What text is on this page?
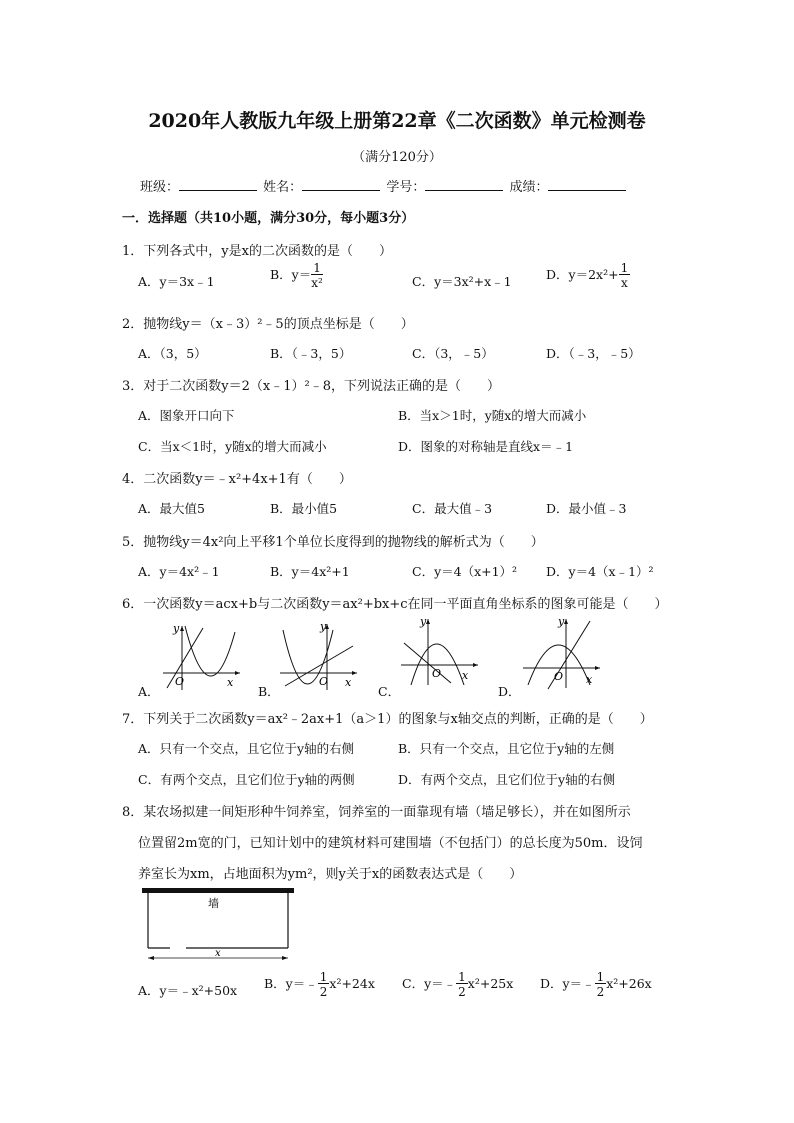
2020年人教版九年级上册第22章《二次函数》单元检测卷
（满分120分）
班级：	姓名：	学号：	成绩：
一．选择题（共10小题，满分30分，每小题3分）
1．下列各式中，y是x的二次函数的是（　　）
A．y＝3x﹣1	B．$y= \frac{1}{\text{x²}}$	C．y＝3x²+x﹣1	D．$y=2x^2+ \frac{1}{x}$
2．抛物线y＝（x﹣3）²﹣5的顶点坐标是（　　）
A．（3，5）	B．（﹣3，5）	C．（3，﹣5）	D．（﹣3，﹣5）
3．对于二次函数y＝2（x﹣1）²﹣8，下列说法正确的是（　　）
A．图象开口向下	B．当x＞1时，y随x的增大而减小
C．当x＜1时，y随x的增大而减小	D．图象的对称轴是直线x＝﹣1
4．二次函数y＝﹣x²+4x+1有（　　）
A．最大值5	B．最小值5	C．最大值﹣3	D．最小值﹣3
5．抛物线y＝4x²向上平移1个单位长度得到的抛物线的解析式为（　　）
A．y＝4x²﹣1	B．y＝4x²+1	C．y＝4（x+1）² D．y＝4（x﹣1）²
6．一次函数y＝acx+b与二次函数y＝ax²+bx+c在同一平面直角坐标系的图象可能是（　　）
A．
y
O	x
B．
y
O x
C．
y
O x
D．
y
O x
7．下列关于二次函数y＝ax²﹣2ax+1（a＞1）的图象与x轴交点的判断，正确的是（　　）
A．只有一个交点，且它位于y轴的右侧	B．只有一个交点，且它位于y轴的左侧
C．有两个交点，且它们位于y轴的两侧	D．有两个交点，且它们位于y轴的右侧
8．某农场拟建一间矩形种牛饲养室，饲养室的一面靠现有墙（墙足够长），并在如图所示
位置留2m宽的门，已知计划中的建筑材料可建围墙（不包括门）的总长度为50m．设饲
养室长为xm，占地面积为ym²，则y关于x的函数表达式是（　　）
墙
x
A．y＝﹣x²+50x B．y＝﹣ $\frac{1}{2} x^2+24x$ C．y＝﹣ $\frac{1}{2} x^2+25x$ D．y＝﹣ $\frac{1}{2} x^2+26x$
